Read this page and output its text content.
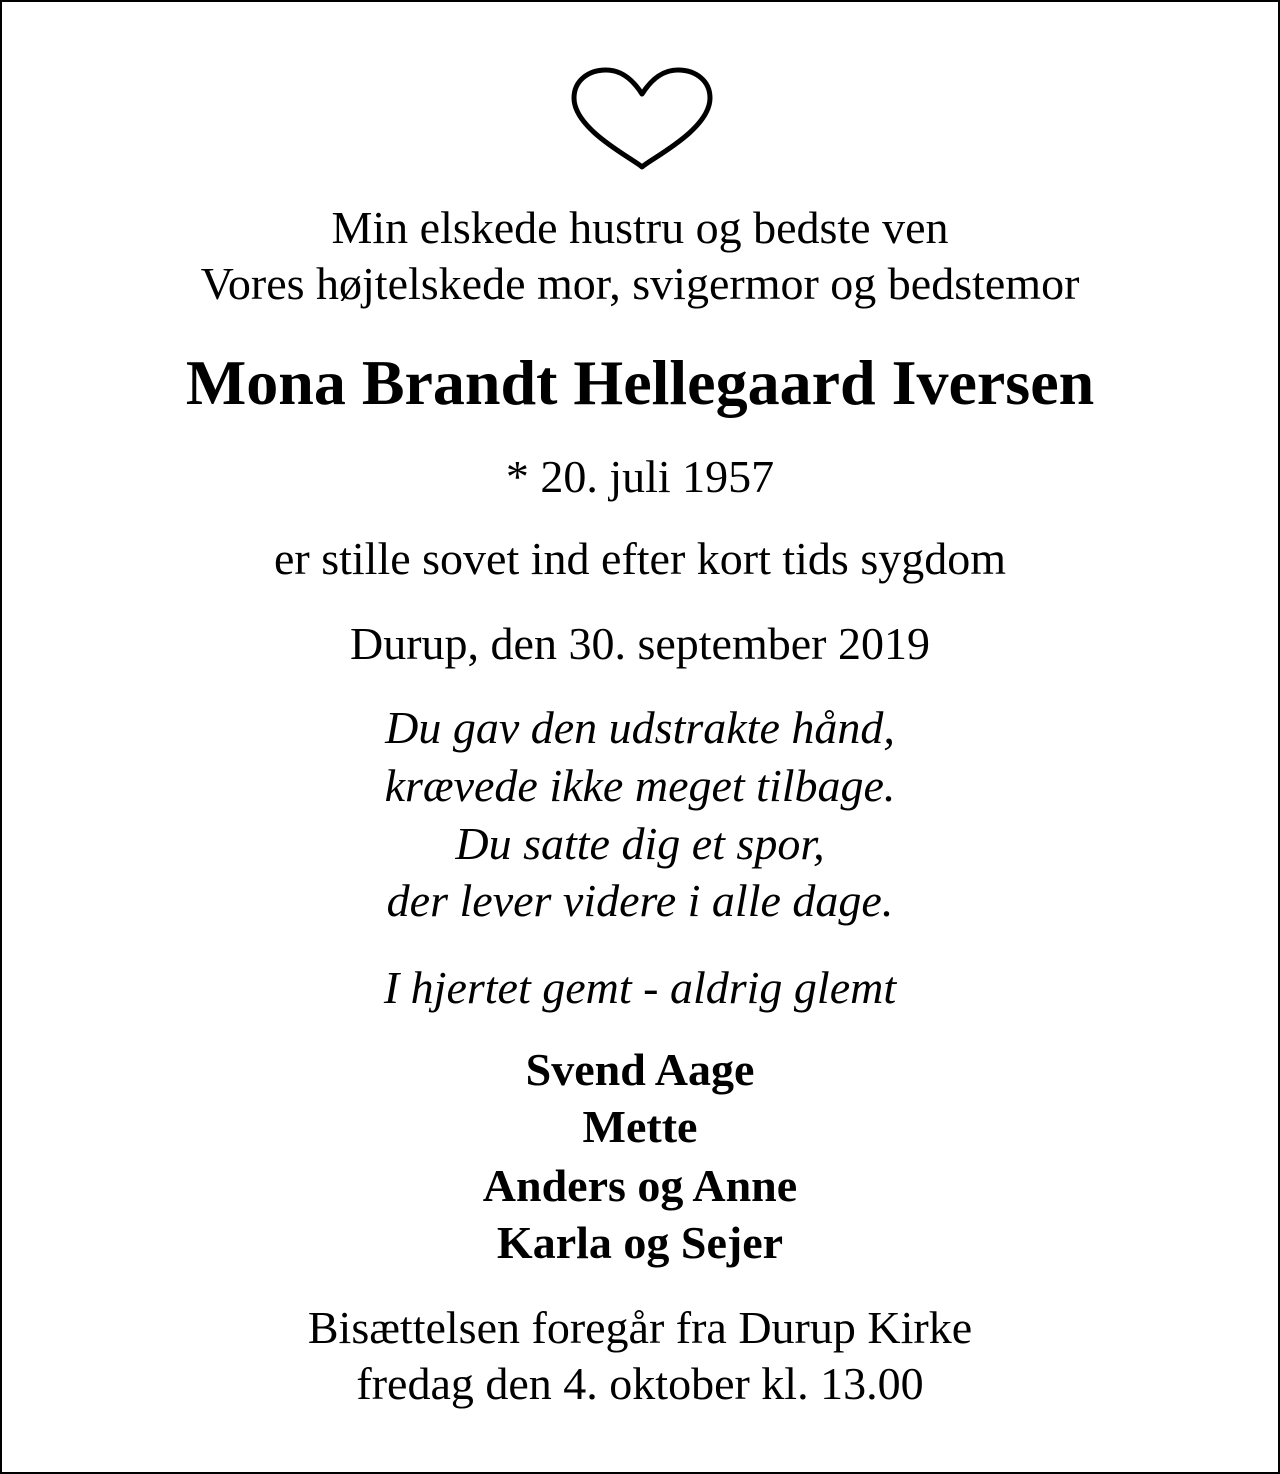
Min elskede hustru og bedste ven
Vores højtelskede mor, svigermor og bedstemor
Mona Brandt Hellegaard Iversen
* 20. juli 1957
er stille sovet ind efter kort tids sygdom
Durup, den 30. september 2019
Du gav den udstrakte hånd,
krævede ikke meget tilbage.
Du satte dig et spor,
der lever videre i alle dage.
I hjertet gemt - aldrig glemt
Svend Aage
Mette
Anders og Anne
Karla og Sejer
Bisættelsen foregår fra Durup Kirke
fredag den 4. oktober kl. 13.00
